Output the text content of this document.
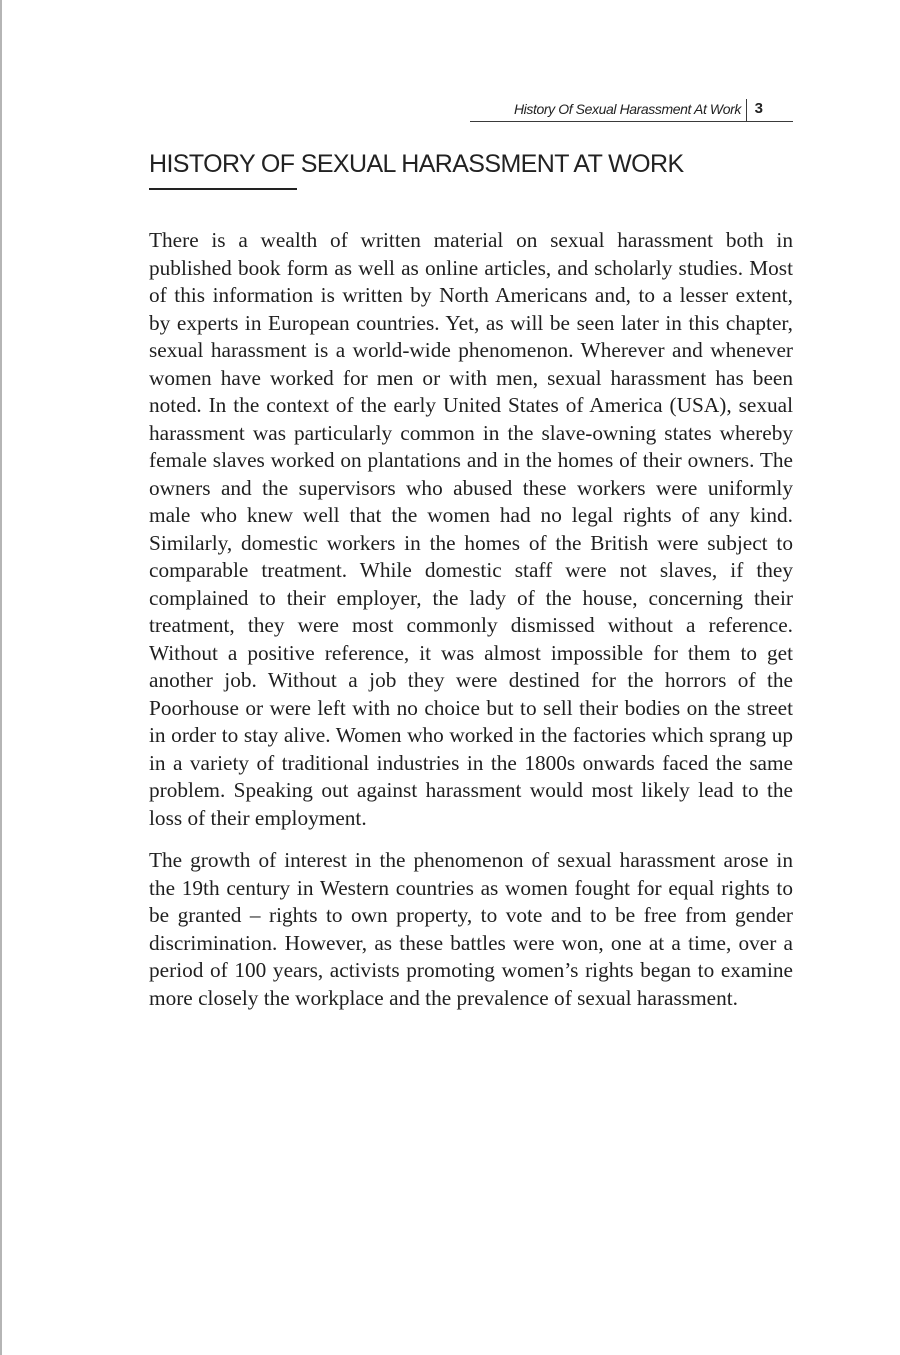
History Of Sexual Harassment At Work 3
HISTORY OF SEXUAL HARASSMENT AT WORK

There is a wealth of written material on sexual harassment both in published book form as well as online articles, and scholarly studies. Most of this information is written by North Americans and, to a lesser extent, by experts in European countries. Yet, as will be seen later in this chapter, sexual harassment is a world-wide phenomenon. Wherever and whenever women have worked for men or with men, sexual harassment has been noted. In the context of the early United States of America (USA), sexual harassment was particularly common in the slave-owning states whereby female slaves worked on plantations and in the homes of their owners. The owners and the supervisors who abused these workers were uniformly male who knew well that the women had no legal rights of any kind. Similarly, domestic workers in the homes of the British were subject to comparable treatment. While domestic staff were not slaves, if they complained to their employer, the lady of the house, concerning their treatment, they were most commonly dismissed without a reference. Without a positive reference, it was almost impossible for them to get another job. Without a job they were destined for the horrors of the Poorhouse or were left with no choice but to sell their bodies on the street in order to stay alive. Women who worked in the factories which sprang up in a variety of traditional industries in the 1800s onwards faced the same problem. Speaking out against harassment would most likely lead to the loss of their employment.

The growth of interest in the phenomenon of sexual harassment arose in the 19th century in Western countries as women fought for equal rights to be granted – rights to own property, to vote and to be free from gender discrimination. However, as these battles were won, one at a time, over a period of 100 years, activists promoting women’s rights began to examine more closely the workplace and the prevalence of sexual harassment.
